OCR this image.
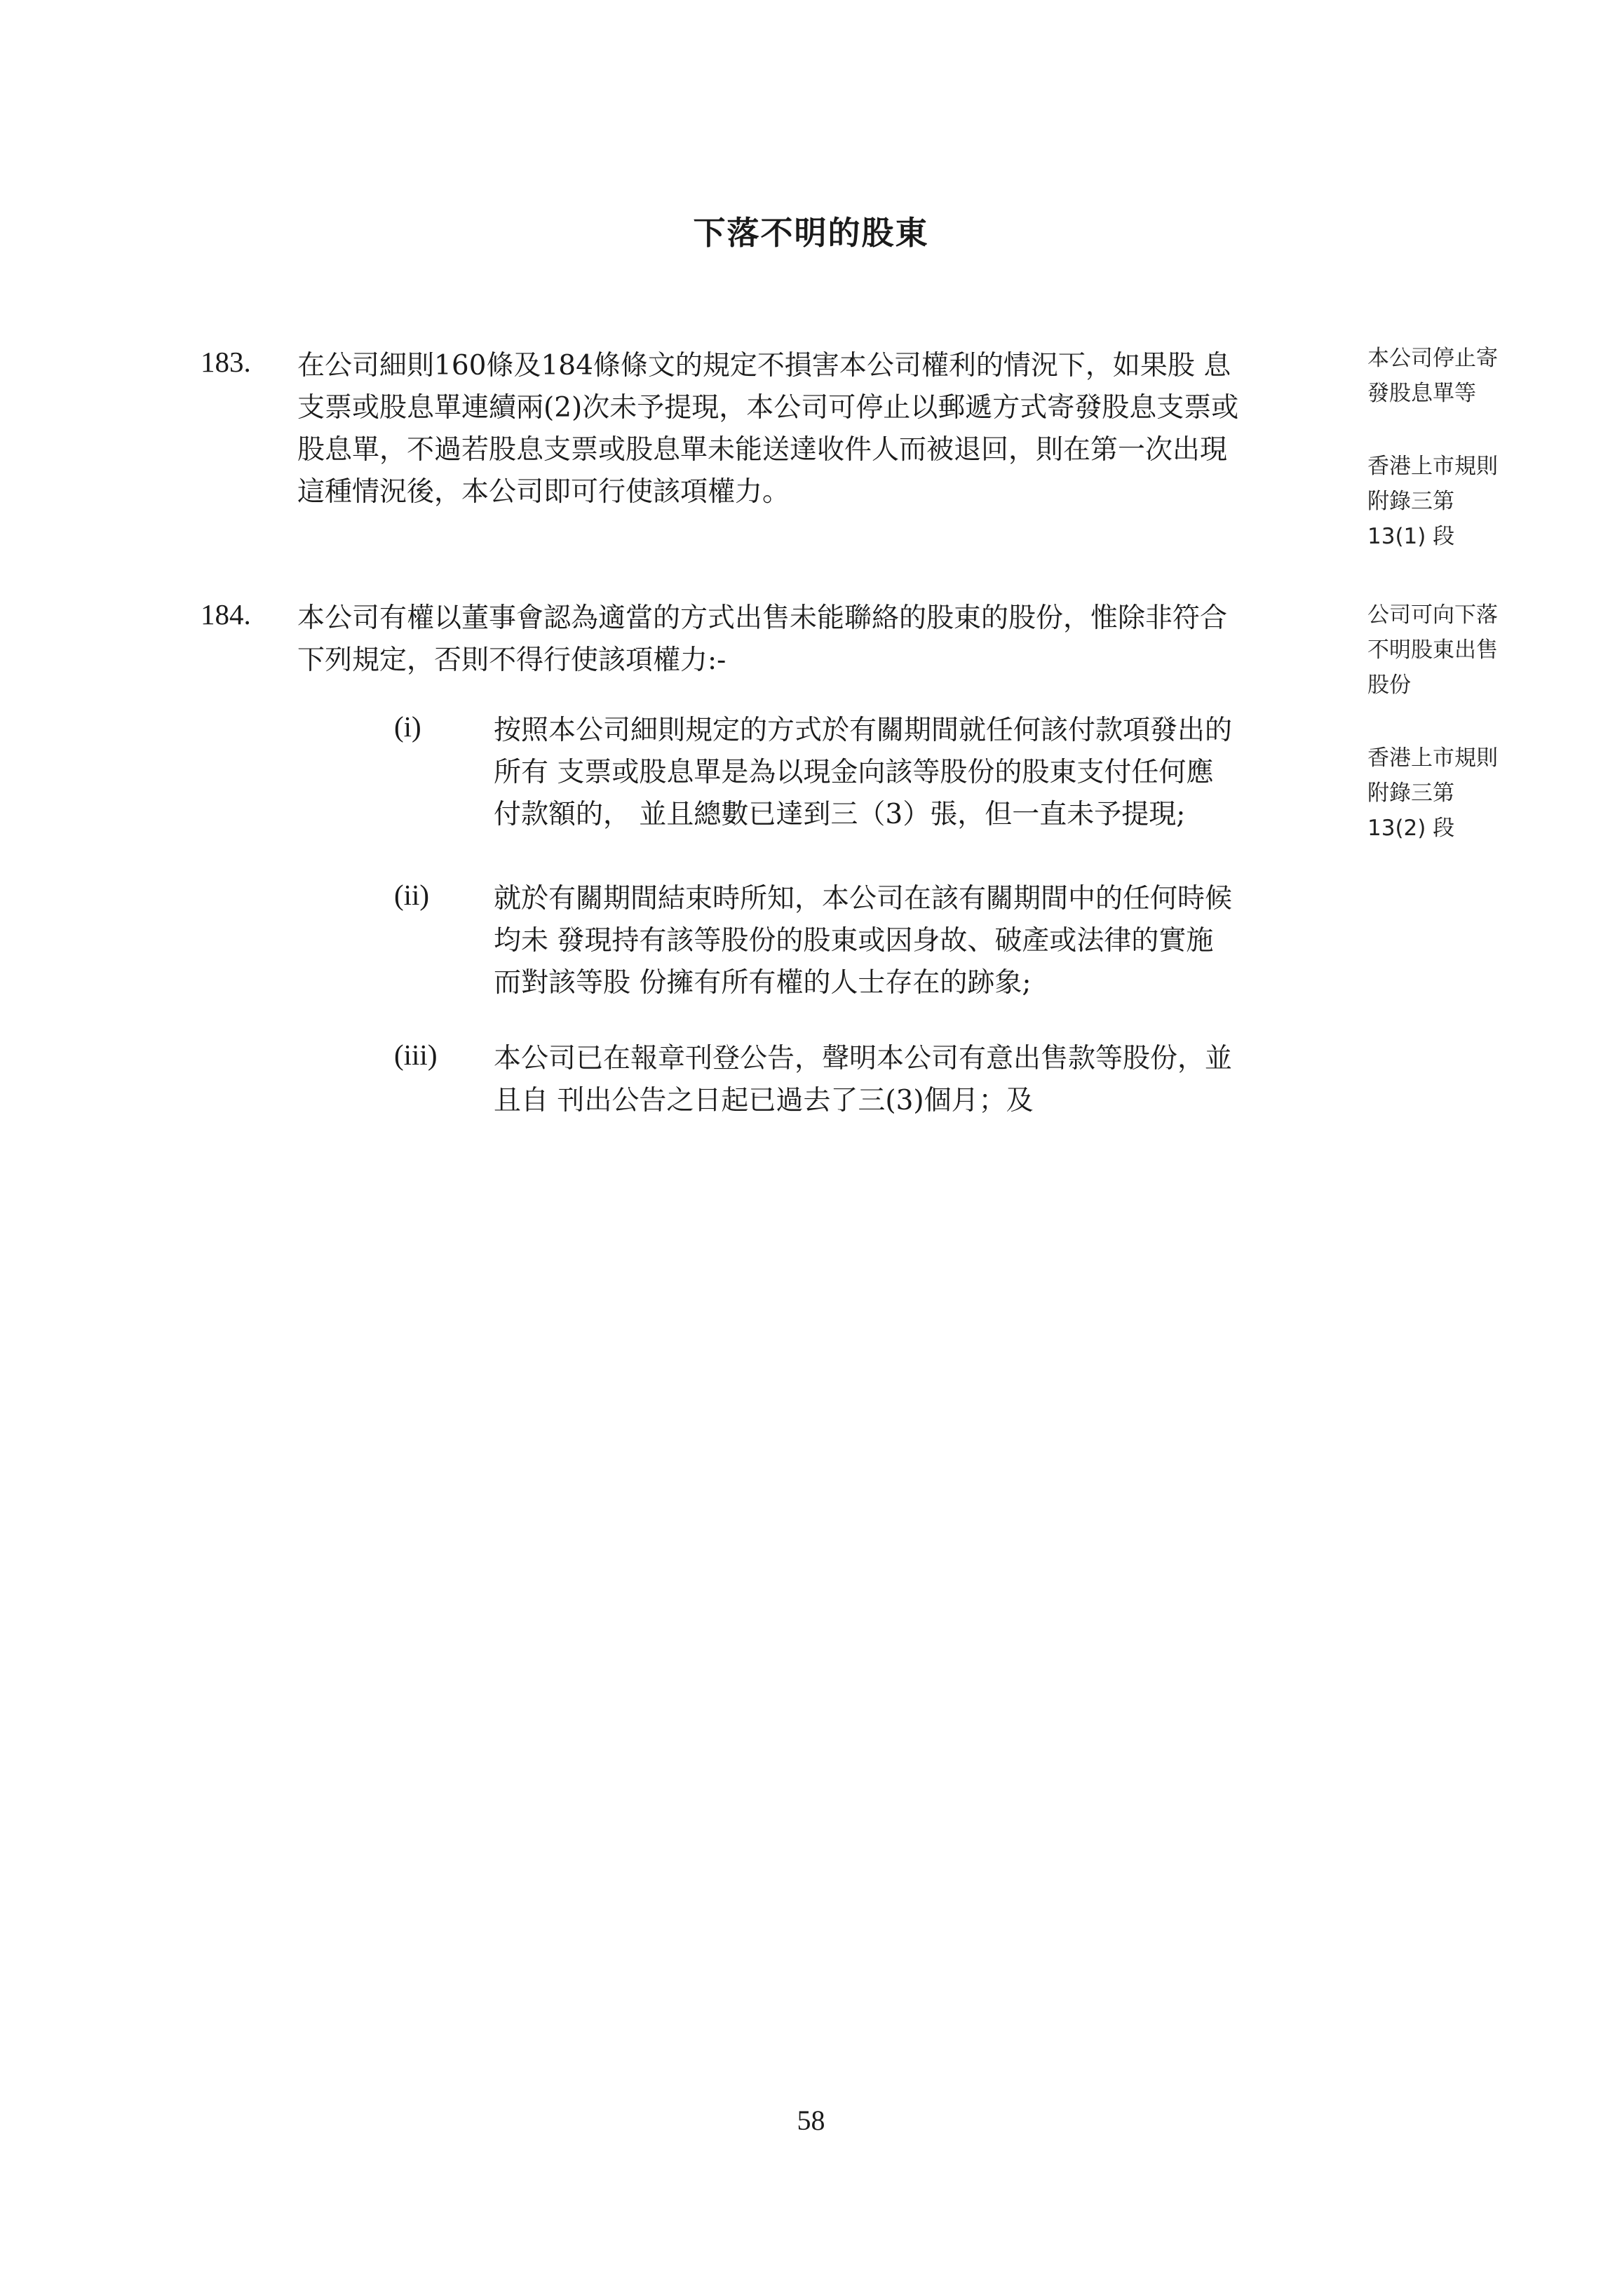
下落不明的股東
183. 在公司細則160條及184條條文的規定不損害本公司權利的情況下，如果股 息
支票或股息單連續兩(2)次未予提現，本公司可停止以郵遞方式寄發股息支票或
股息單，不過若股息支票或股息單未能送達收件人而被退回，則在第一次出現
這種情況後，本公司即可行使該項權力。
184. 本公司有權以董事會認為適當的方式出售未能聯絡的股東的股份，惟除非符合
下列規定，否則不得行使該項權力:-
(i)	按照本公司細則規定的方式於有關期間就任何該付款項發出的
所有 支票或股息單是為以現金向該等股份的股東支付任何應
付款額的， 並且總數已達到三（3）張，但一直未予提現;
(ii) 就於有關期間結束時所知，本公司在該有關期間中的任何時候
均未 發現持有該等股份的股東或因身故、破產或法律的實施
而對該等股 份擁有所有權的人士存在的跡象;
(iii) 本公司已在報章刊登公告，聲明本公司有意出售款等股份，並
且自 刊出公告之日起已過去了三(3)個月；及
本公司停止寄
發股息單等
香港上市規則
附錄三第
13(1) 段
公司可向下落
不明股東出售
股份
香港上市規則
附錄三第
13(2) 段
58
